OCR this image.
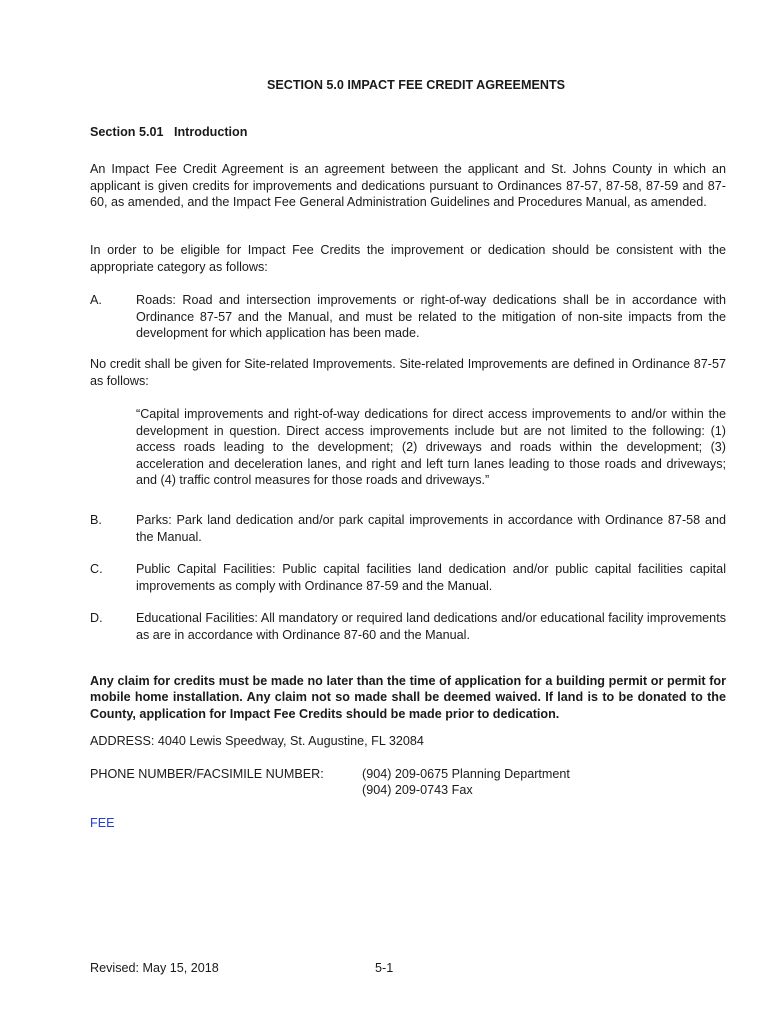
SECTION 5.0 IMPACT FEE CREDIT AGREEMENTS
Section 5.01   Introduction

An Impact Fee Credit Agreement is an agreement between the applicant and St. Johns County in which an applicant is given credits for improvements and dedications pursuant to Ordinances 87-57, 87-58, 87-59 and 87-60, as amended, and the Impact Fee General Administration Guidelines and Procedures Manual, as amended.

In order to be eligible for Impact Fee Credits the improvement or dedication should be consistent with the appropriate category as follows:

A.	Roads: Road and intersection improvements or right-of-way dedications shall be in accordance with Ordinance 87-57 and the Manual, and must be related to the mitigation of non-site impacts from the development for which application has been made.

No credit shall be given for Site-related Improvements. Site-related Improvements are defined in Ordinance 87-57 as follows:

“Capital improvements and right-of-way dedications for direct access improvements to and/or within the development in question. Direct access improvements include but are not limited to the following: (1) access roads leading to the development; (2) driveways and roads within the development; (3) acceleration and deceleration lanes, and right and left turn lanes leading to those roads and driveways; and (4) traffic control measures for those roads and driveways.”
B.	Parks: Park land dedication and/or park capital improvements in accordance with Ordinance 87-58 and the Manual.
C.	Public Capital Facilities: Public capital facilities land dedication and/or public capital facilities capital improvements as comply with Ordinance 87-59 and the Manual.
D.	Educational Facilities: All mandatory or required land dedications and/or educational facility improvements as are in accordance with Ordinance 87-60 and the Manual.

Any claim for credits must be made no later than the time of application for a building permit or permit for mobile home installation. Any claim not so made shall be deemed waived. If land is to be donated to the County, application for Impact Fee Credits should be made prior to dedication.

ADDRESS: 4040 Lewis Speedway, St. Augustine, FL 32084
PHONE NUMBER/FACSIMILE NUMBER:	(904) 209-0675 Planning Department
(904) 209-0743 Fax
FEE
Revised: May 15, 2018	5-1
